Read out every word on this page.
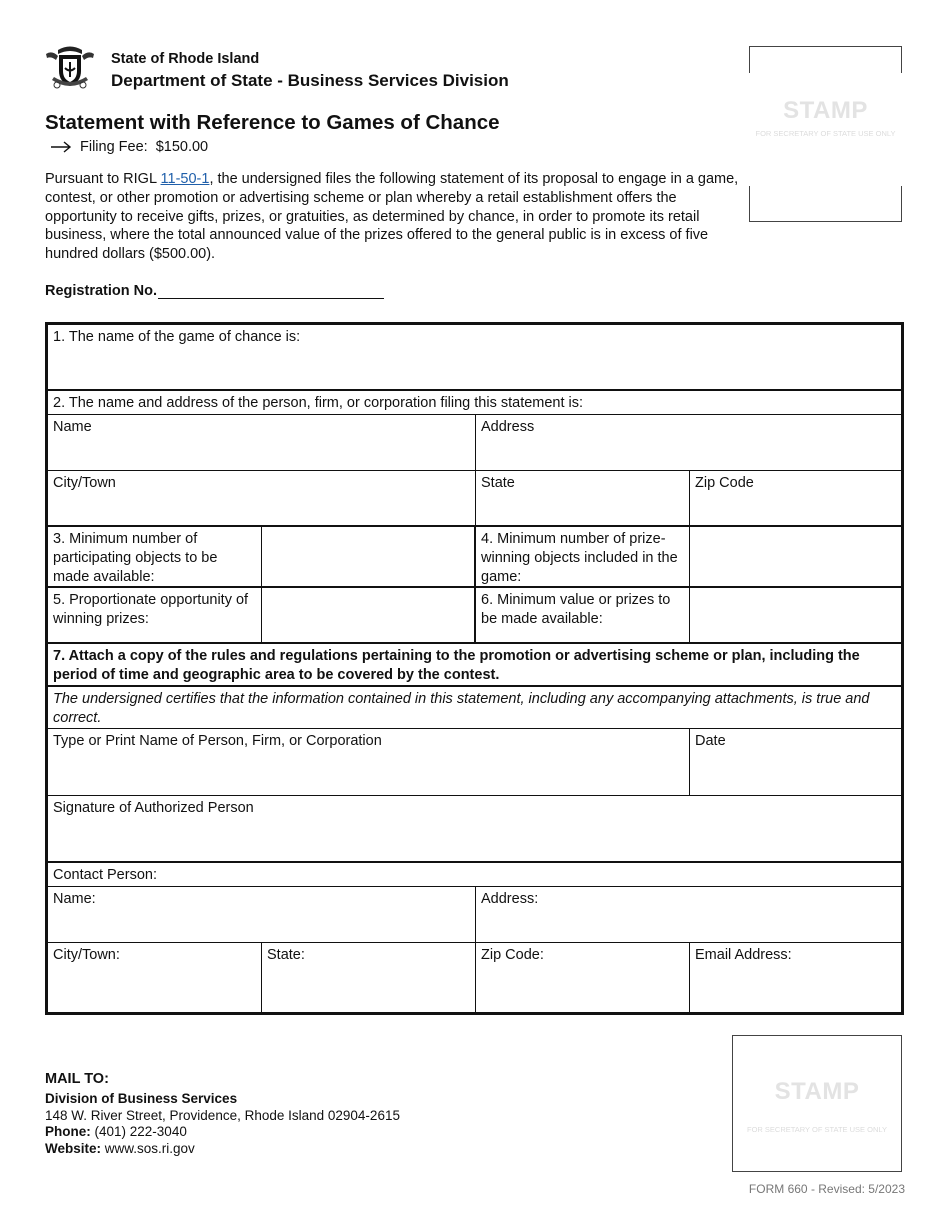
State of Rhode Island
Department of State - Business Services Division
Statement with Reference to Games of Chance
Filing Fee: $150.00
Pursuant to RIGL 11-50-1, the undersigned files the following statement of its proposal to engage in a game, contest, or other promotion or advertising scheme or plan whereby a retail establishment offers the opportunity to receive gifts, prizes, or gratuities, as determined by chance, in order to promote its retail business, where the total announced value of the prizes offered to the general public is in excess of five hundred dollars ($500.00).
Registration No.
STAMP
FOR SECRETARY OF STATE USE ONLY
1. The name of the game of chance is:
2. The name and address of the person, firm, or corporation filing this statement is:
Name	Address
City/Town	State	Zip Code
3. Minimum number of participating objects to be made available:
4. Minimum number of prize-winning objects included in the game:
5. Proportionate opportunity of winning prizes:
6. Minimum value or prizes to be made available:
7. Attach a copy of the rules and regulations pertaining to the promotion or advertising scheme or plan, including the period of time and geographic area to be covered by the contest.
The undersigned certifies that the information contained in this statement, including any accompanying attachments, is true and correct.
Type or Print Name of Person, Firm, or Corporation	Date
Signature of Authorized Person
Contact Person:
Name:	Address:
City/Town:	State:	Zip Code:	Email Address:
MAIL TO:
Division of Business Services
148 W. River Street, Providence, Rhode Island 02904-2615
Phone: (401) 222-3040
Website: www.sos.ri.gov
STAMP
FOR SECRETARY OF STATE USE ONLY
FORM 660 - Revised: 5/2023
